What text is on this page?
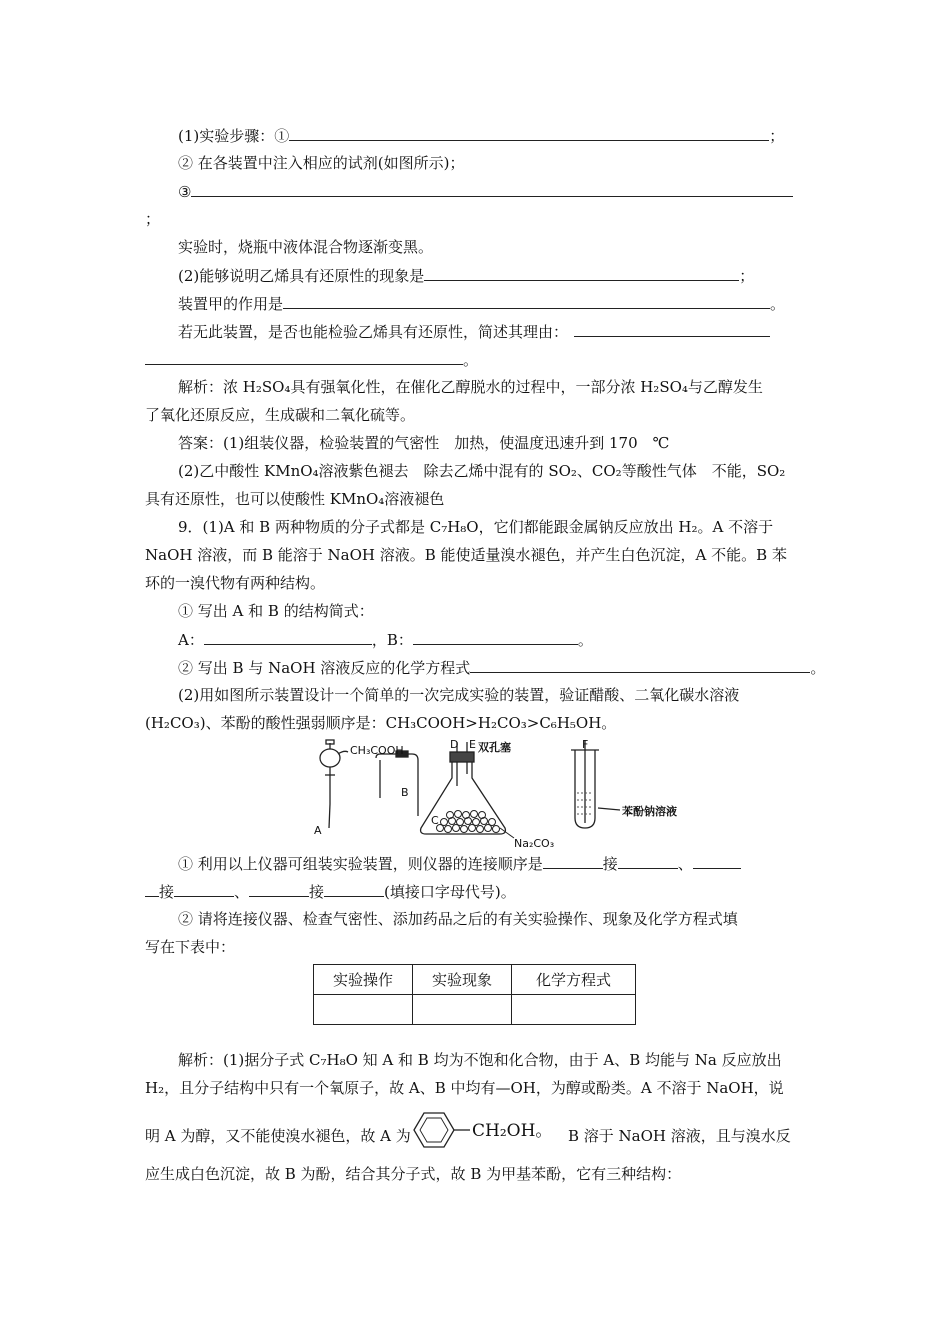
(1)实验步骤：①	；
② 在各装置中注入相应的试剂(如图所示)；
③
；
实验时，烧瓶中液体混合物逐渐变黑。
(2)能够说明乙烯具有还原性的现象是	；
装置甲的作用是	。
若无此装置，是否也能检验乙烯具有还原性，简述其理由：
。
解析：浓 H₂SO₄具有强氧化性，在催化乙醇脱水的过程中，一部分浓 H₂SO₄与乙醇发生
了氧化还原反应，生成碳和二氧化硫等。
答案：(1)组装仪器，检验装置的气密性　加热，使温度迅速升到 170　℃
(2)乙中酸性 KMnO₄溶液紫色褪去　除去乙烯中混有的 SO₂、CO₂等酸性气体　不能，SO₂
具有还原性，也可以使酸性 KMnO₄溶液褪色
9．(1)A 和 B 两种物质的分子式都是 C₇H₈O，它们都能跟金属钠反应放出 H₂。A 不溶于
NaOH 溶液，而 B 能溶于 NaOH 溶液。B 能使适量溴水褪色，并产生白色沉淀，A 不能。B 苯
环的一溴代物有两种结构。
① 写出 A 和 B 的结构简式：
A：	，B：	。
② 写出 B 与 NaOH 溶液反应的化学方程式	。
(2)用如图所示装置设计一个简单的一次完成实验的装置，验证醋酸、二氧化碳水溶液
(H₂CO₃)、苯酚的酸性强弱顺序是：CH₃COOH>H₂CO₃>C₆H₅OH。
CH₃COOH
A
B
C
D E 双孔塞	F
苯酚钠溶液
Na₂CO₃
① 利用以上仪器可组装实验装置，则仪器的连接顺序是	接	、
接	、	接	(填接口字母代号)。
② 请将连接仪器、检查气密性、添加药品之后的有关实验操作、现象及化学方程式填
写在下表中：
实验操作	实验现象	化学方程式

解析：(1)据分子式 C₇H₈O 知 A 和 B 均为不饱和化合物，由于 A、B 均能与 Na 反应放出
H₂，且分子结构中只有一个氧原子，故 A、B 中均有—OH，为醇或酚类。A 不溶于 NaOH，说
明 A 为醇，又不能使溴水褪色，故 A 为	CH₂OH。 B 溶于 NaOH 溶液，且与溴水反
应生成白色沉淀，故 B 为酚，结合其分子式，故 B 为甲基苯酚，它有三种结构：
